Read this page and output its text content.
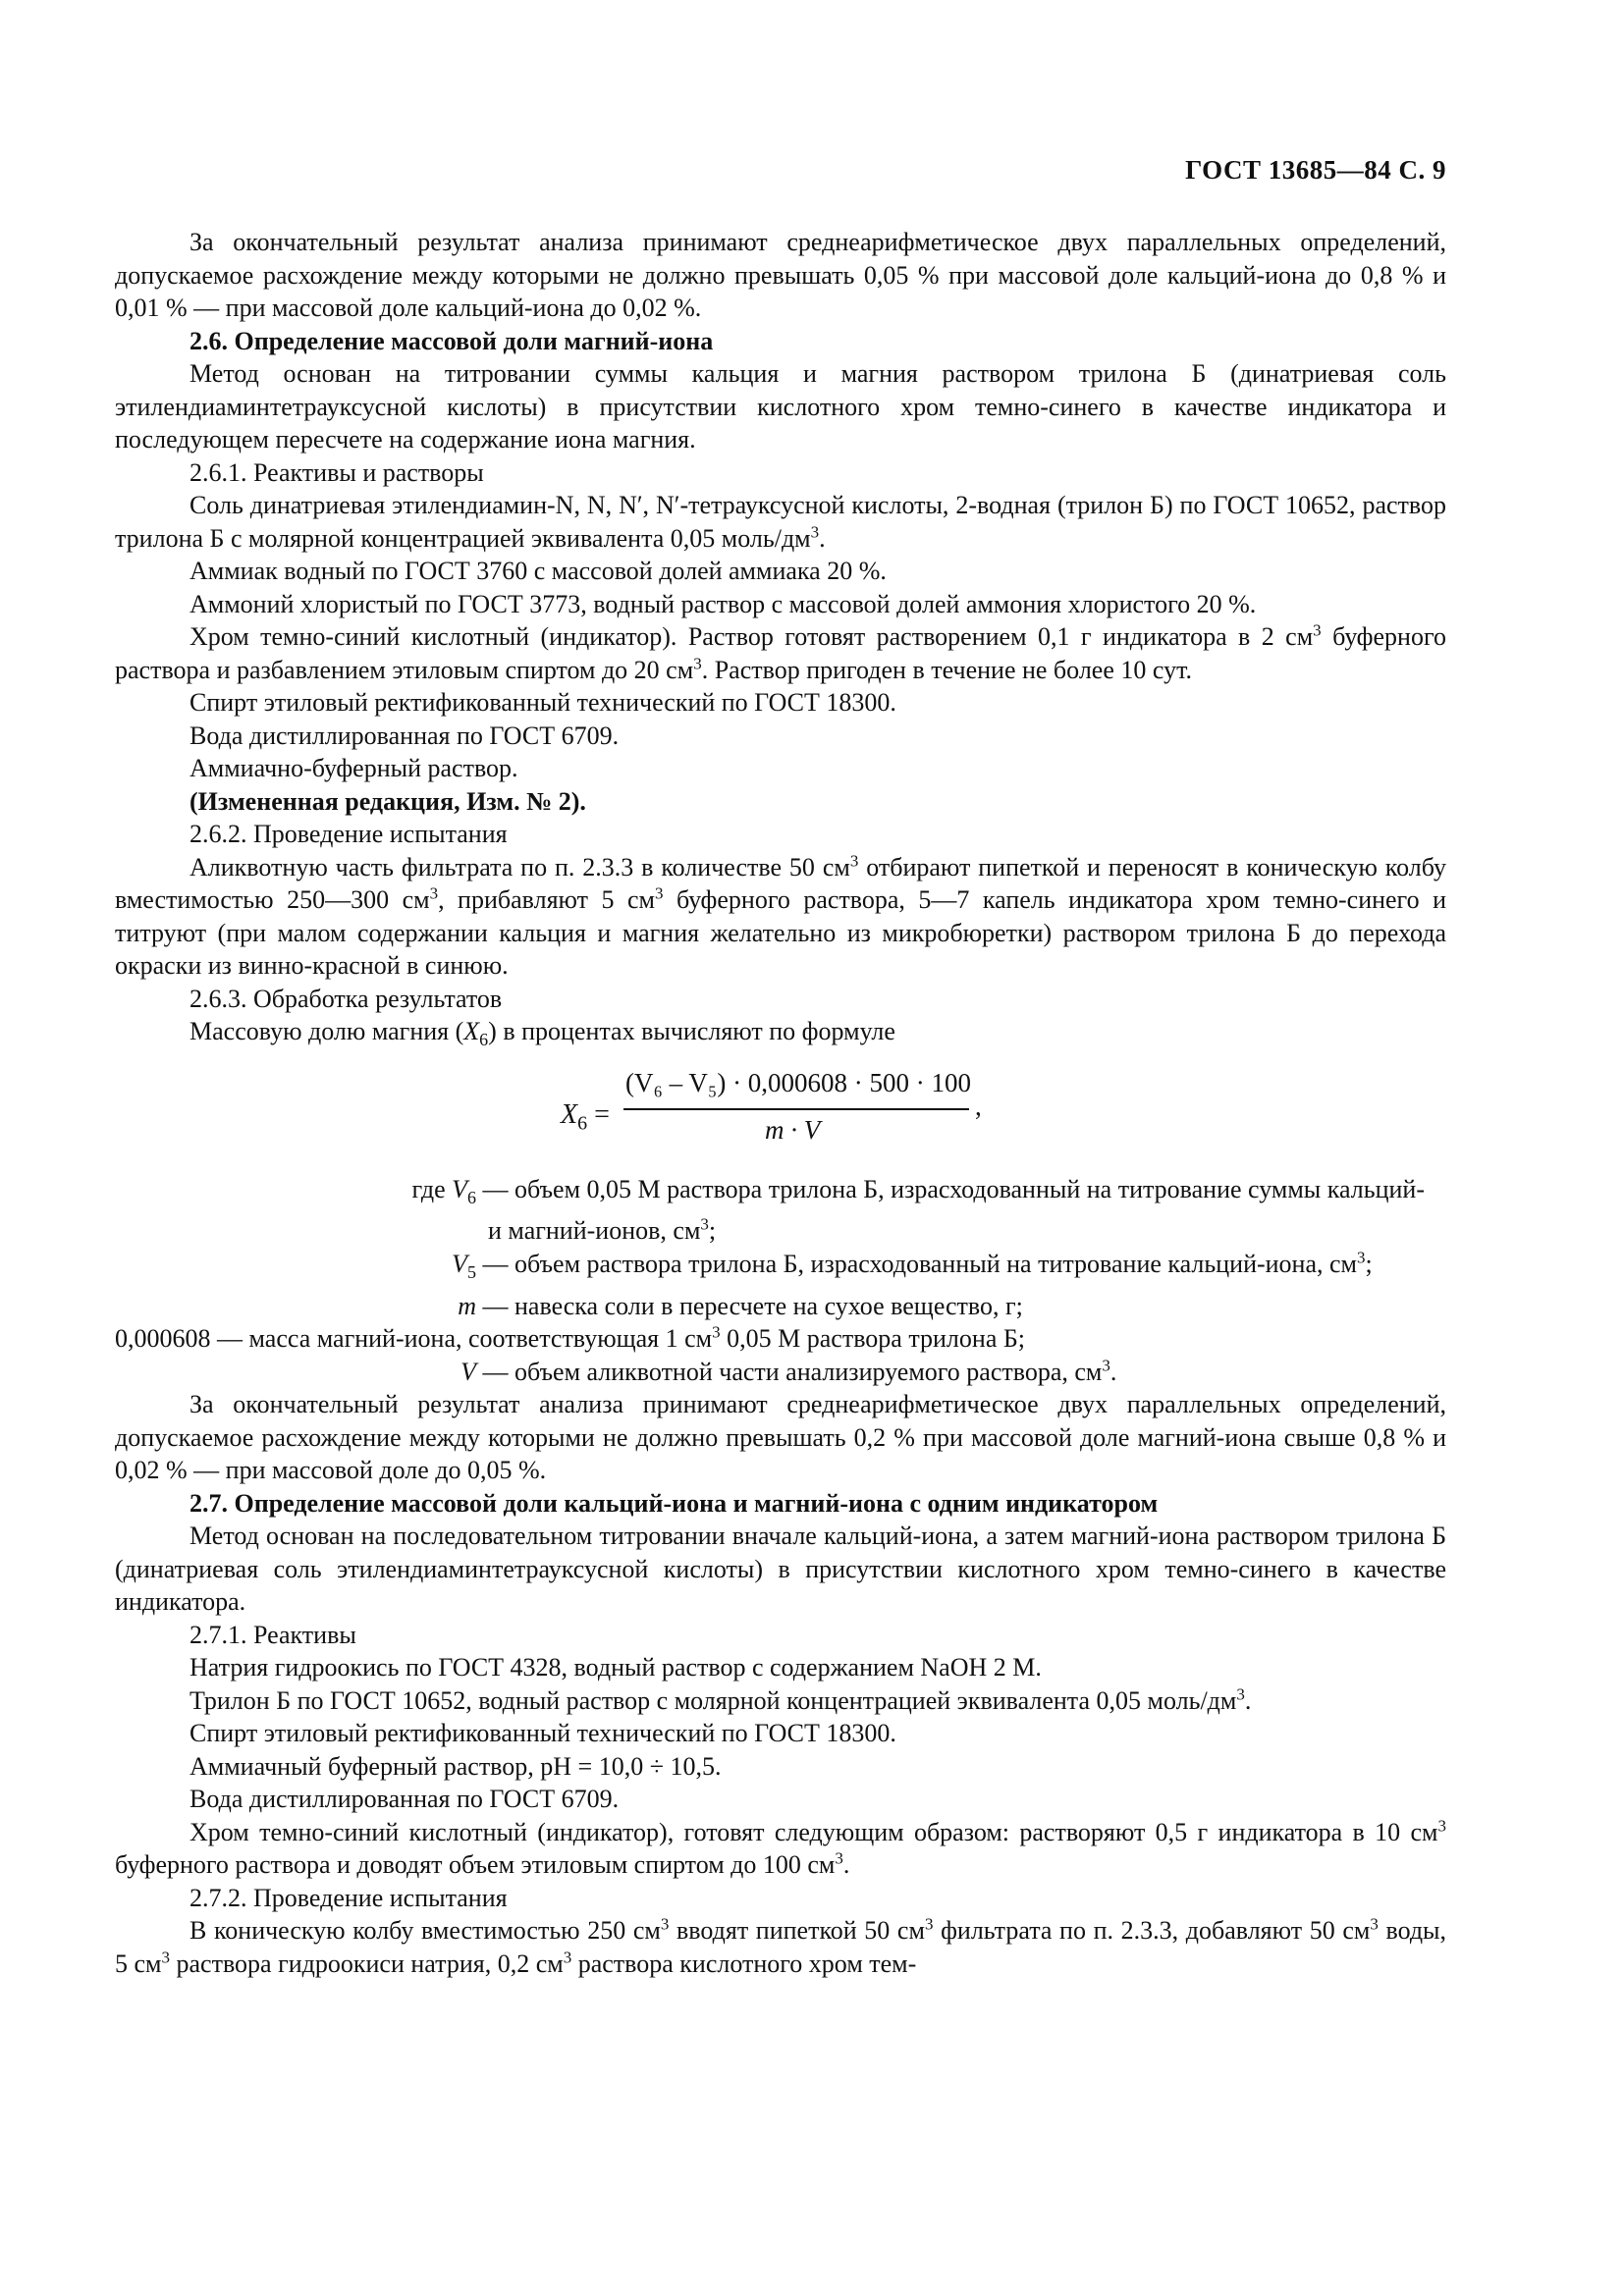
ГОСТ 13685—84 С. 9

За окончательный результат анализа принимают среднеарифметическое двух параллельных определений, допускаемое расхождение между которыми не должно превышать 0,05 % при массовой доле кальций-иона до 0,8 % и 0,01 % — при массовой доле кальций-иона до 0,02 %.

2.6. Определение массовой доли магний-иона

Метод основан на титровании суммы кальция и магния раствором трилона Б (динатриевая соль этилендиаминтетрауксусной кислоты) в присутствии кислотного хром темно-синего в качестве индикатора и последующем пересчете на содержание иона магния.

2.6.1. Реактивы и растворы

Соль динатриевая этилендиамин-N, N, N′, N′-тетрауксусной кислоты, 2-водная (трилон Б) по ГОСТ 10652, раствор трилона Б с молярной концентрацией эквивалента 0,05 моль/$дм^3$.

Аммиак водный по ГОСТ 3760 с массовой долей аммиака 20 %.

Аммоний хлористый по ГОСТ 3773, водный раствор с массовой долей аммония хлористого 20 %.

Хром темно-синий кислотный (индикатор). Раствор готовят растворением 0,1 г индикатора в 2 $см^3$ буферного раствора и разбавлением этиловым спиртом до 20 $см^3$. Раствор пригоден в течение не более 10 сут.

Спирт этиловый ректификованный технический по ГОСТ 18300.

Вода дистиллированная по ГОСТ 6709.

Аммиачно-буферный раствор.

(Измененная редакция, Изм. № 2).

2.6.2. Проведение испытания

Аликвотную часть фильтрата по п. 2.3.3 в количестве 50 $см^3$ отбирают пипеткой и переносят в коническую колбу вместимостью 250—300 $см^3$, прибавляют 5 $см^3$ буферного раствора, 5—7 капель индикатора хром темно-синего и титруют (при малом содержании кальция и магния желательно из микробюретки) раствором трилона Б до перехода окраски из винно-красной в синюю.

2.6.3. Обработка результатов

Массовую долю магния $(X_6)$ в процентах вычисляют по формуле

$X_6$ =
(V₆ – V₅) · 0,000608 · 500 · 100
m · V
,
где $V_6$ — объем 0,05 М раствора трилона Б, израсходованный на титрование суммы кальций-
и магний-ионов, $см^3$;
$V_5$ — объем раствора трилона Б, израсходованный на титрование кальций-иона, $см^3$;
m — навеска соли в пересчете на сухое вещество, г;
0,000608 — масса магний-иона, соответствующая 1 $см^3$ 0,05 М раствора трилона Б;
V — объем аликвотной части анализируемого раствора, $см^3$.

За окончательный результат анализа принимают среднеарифметическое двух параллельных определений, допускаемое расхождение между которыми не должно превышать 0,2 % при массовой доле магний-иона свыше 0,8 % и 0,02 % — при массовой доле до 0,05 %.

2.7. Определение массовой доли кальций-иона и магний-иона с одним индикатором

Метод основан на последовательном титровании вначале кальций-иона, а затем магний-иона раствором трилона Б (динатриевая соль этилендиаминтетрауксусной кислоты) в присутствии кислотного хром темно-синего в качестве индикатора.

2.7.1. Реактивы

Натрия гидроокись по ГОСТ 4328, водный раствор с содержанием NaOH 2 М.

Трилон Б по ГОСТ 10652, водный раствор с молярной концентрацией эквивалента 0,05 моль/$дм^3$.

Спирт этиловый ректификованный технический по ГОСТ 18300.

Аммиачный буферный раствор, рН = 10,0 ÷ 10,5.

Вода дистиллированная по ГОСТ 6709.

Хром темно-синий кислотный (индикатор), готовят следующим образом: растворяют 0,5 г индикатора в 10 $см^3$ буферного раствора и доводят объем этиловым спиртом до 100 $см^3$.

2.7.2. Проведение испытания

В коническую колбу вместимостью 250 $см^3$ вводят пипеткой 50 $см^3$ фильтрата по п. 2.3.3, добавляют 50 $см^3$ воды, 5 $см^3$ раствора гидроокиси натрия, 0,2 $см^3$ раствора кислотного хром тем-
